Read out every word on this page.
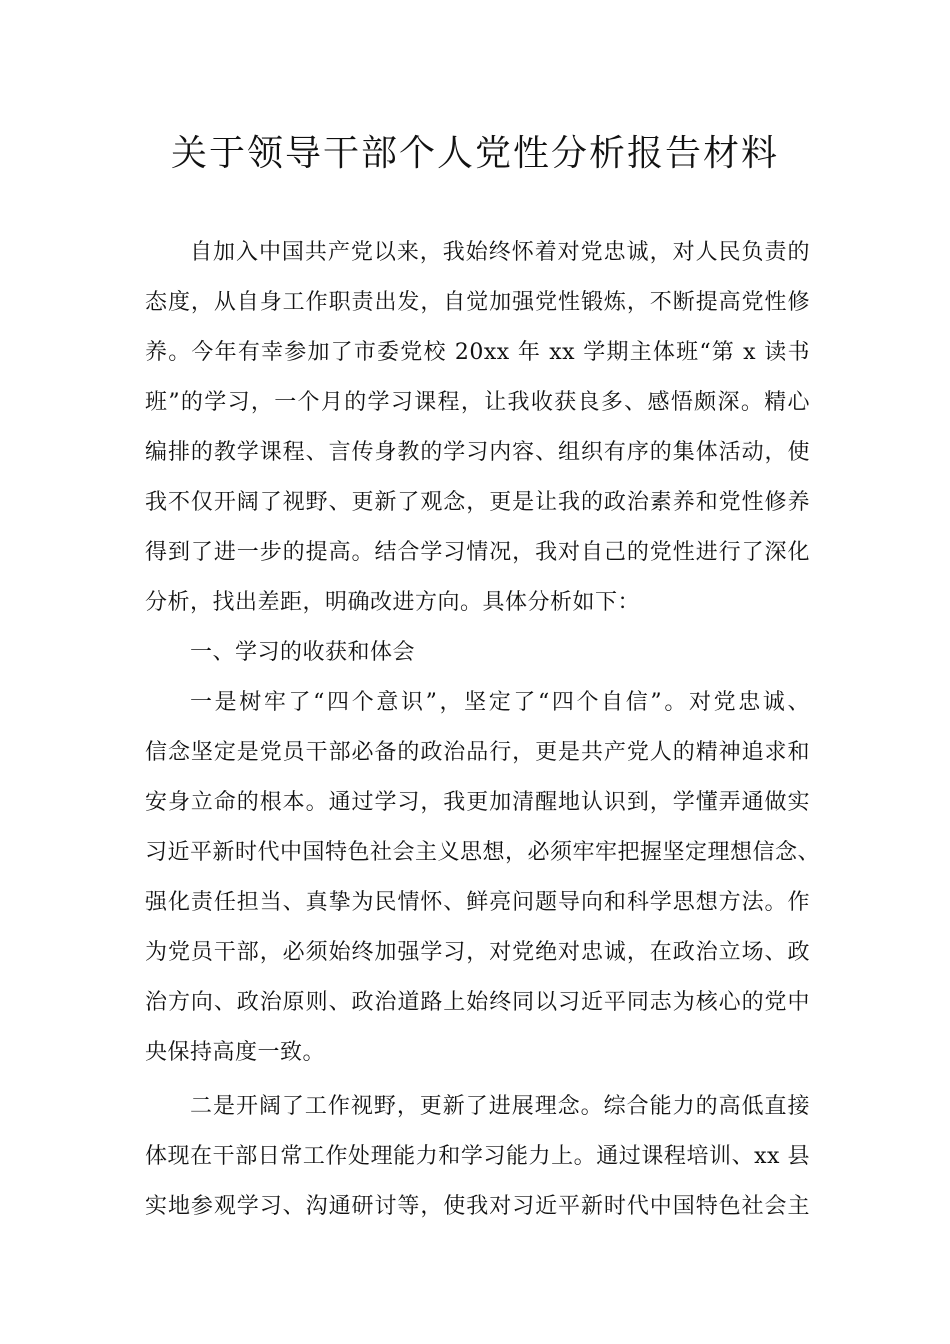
关于领导干部个人党性分析报告材料
自加入中国共产党以来，我始终怀着对党忠诚，对人民负责的
态度，从自身工作职责出发，自觉加强党性锻炼，不断提高党性修
养。今年有幸参加了市委党校 20xx 年 xx 学期主体班“第 x 读书
班”的学习，一个月的学习课程，让我收获良多、感悟颇深。精心
编排的教学课程、言传身教的学习内容、组织有序的集体活动，使
我不仅开阔了视野、更新了观念，更是让我的政治素养和党性修养
得到了进一步的提高。结合学习情况，我对自己的党性进行了深化
分析，找出差距，明确改进方向。具体分析如下：
一、学习的收获和体会
一是树牢了“四个意识”，坚定了“四个自信”。对党忠诚、
信念坚定是党员干部必备的政治品行，更是共产党人的精神追求和
安身立命的根本。通过学习，我更加清醒地认识到，学懂弄通做实
习近平新时代中国特色社会主义思想，必须牢牢把握坚定理想信念、
强化责任担当、真挚为民情怀、鲜亮问题导向和科学思想方法。作
为党员干部，必须始终加强学习，对党绝对忠诚，在政治立场、政
治方向、政治原则、政治道路上始终同以习近平同志为核心的党中
央保持高度一致。
二是开阔了工作视野，更新了进展理念。综合能力的高低直接
体现在干部日常工作处理能力和学习能力上。通过课程培训、xx 县
实地参观学习、沟通研讨等，使我对习近平新时代中国特色社会主
